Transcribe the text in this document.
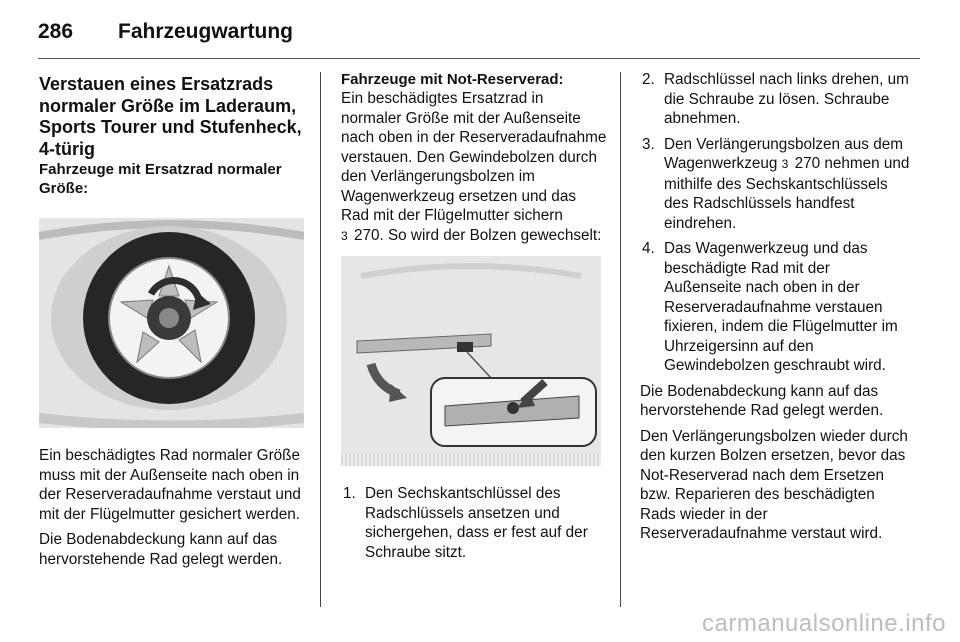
286 Fahrzeugwartung
Verstauen eines Ersatzrads normaler Größe im Laderaum, Sports Tourer und Stufenheck, 4-türig
Fahrzeuge mit Ersatzrad normaler Größe:

Ein beschädigtes Rad normaler Größe muss mit der Außenseite nach oben in der Reserveradaufnahme verstaut und mit der Flügelmutter gesichert werden.

Die Bodenabdeckung kann auf das hervorstehende Rad gelegt werden.

Fahrzeuge mit Not-Reserverad:

Ein beschädigtes Ersatzrad in normaler Größe mit der Außenseite nach oben in der Reserveradaufnahme verstauen. Den Gewindebolzen durch den Verlängerungsbolzen im Wagenwerkzeug ersetzen und das Rad mit der Flügelmutter sichern
3 270. So wird der Bolzen gewechselt:

1. Den Sechskantschlüssel des Radschlüssels ansetzen und sichergehen, dass er fest auf der Schraube sitzt.
2. Radschlüssel nach links drehen, um die Schraube zu lösen. Schraube abnehmen.
3. Den Verlängerungsbolzen aus dem Wagenwerkzeug 3 270 nehmen und mithilfe des Sechskantschlüssels des Radschlüssels handfest eindrehen.
4. Das Wagenwerkzeug und das beschädigte Rad mit der Außenseite nach oben in der Reserveradaufnahme verstauen fixieren, indem die Flügelmutter im Uhrzeigersinn auf den Gewindebolzen geschraubt wird.

Die Bodenabdeckung kann auf das hervorstehende Rad gelegt werden.

Den Verlängerungsbolzen wieder durch den kurzen Bolzen ersetzen, bevor das Not-Reserverad nach dem Ersetzen bzw. Reparieren des beschädigten Rads wieder in der Reserveradaufnahme verstaut wird.

carmanualsonline.info
